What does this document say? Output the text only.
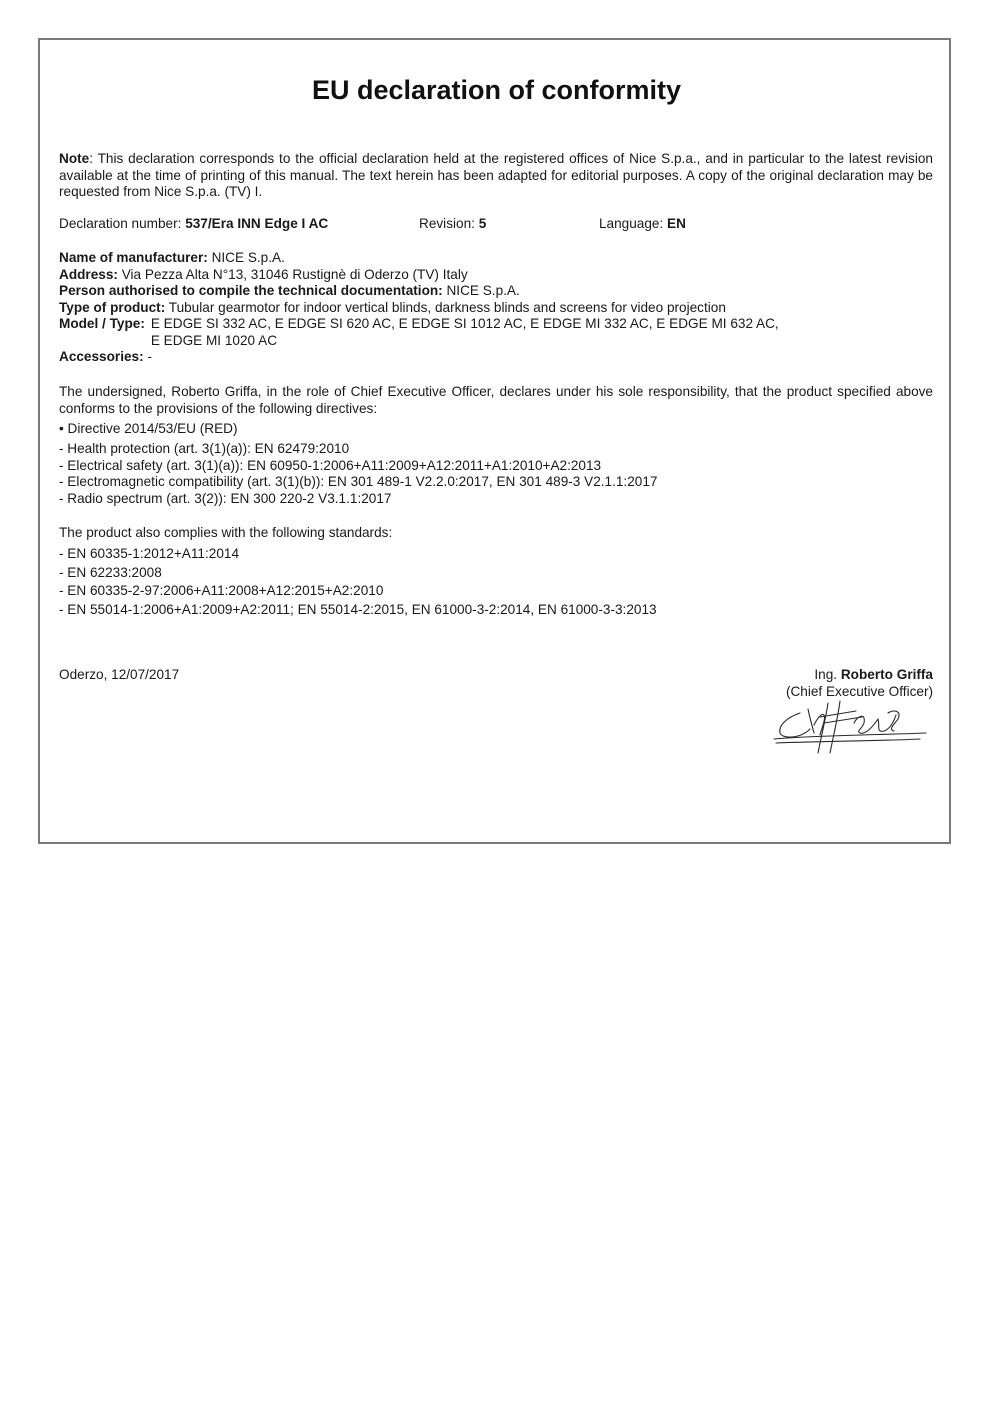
EU declaration of conformity
Note: This declaration corresponds to the official declaration held at the registered offices of Nice S.p.a., and in particular to the latest revision available at the time of printing of this manual. The text herein has been adapted for editorial purposes. A copy of the original declaration may be requested from Nice S.p.a. (TV) I.
Declaration number: 537/Era INN Edge I AC	Revision: 5	Language: EN
Name of manufacturer: NICE S.p.A.
Address: Via Pezza Alta N°13, 31046 Rustignè di Oderzo (TV) Italy
Person authorised to compile the technical documentation: NICE S.p.A.
Type of product: Tubular gearmotor for indoor vertical blinds, darkness blinds and screens for video projection
Model / Type: E EDGE SI 332 AC, E EDGE SI 620 AC, E EDGE SI 1012 AC, E EDGE MI 332 AC, E EDGE MI 632 AC,
E EDGE MI 1020 AC
Accessories: -
The undersigned, Roberto Griffa, in the role of Chief Executive Officer, declares under his sole responsibility, that the product specified above conforms to the provisions of the following directives:
• Directive 2014/53/EU (RED)
- Health protection (art. 3(1)(a)): EN 62479:2010
- Electrical safety (art. 3(1)(a)): EN 60950-1:2006+A11:2009+A12:2011+A1:2010+A2:2013
- Electromagnetic compatibility (art. 3(1)(b)): EN 301 489-1 V2.2.0:2017, EN 301 489-3 V2.1.1:2017
- Radio spectrum (art. 3(2)): EN 300 220-2 V3.1.1:2017
The product also complies with the following standards:
- EN 60335-1:2012+A11:2014
- EN 62233:2008
- EN 60335-2-97:2006+A11:2008+A12:2015+A2:2010
- EN 55014-1:2006+A1:2009+A2:2011; EN 55014-2:2015, EN 61000-3-2:2014, EN 61000-3-3:2013
Oderzo, 12/07/2017	Ing. Roberto Griffa
(Chief Executive Officer)
